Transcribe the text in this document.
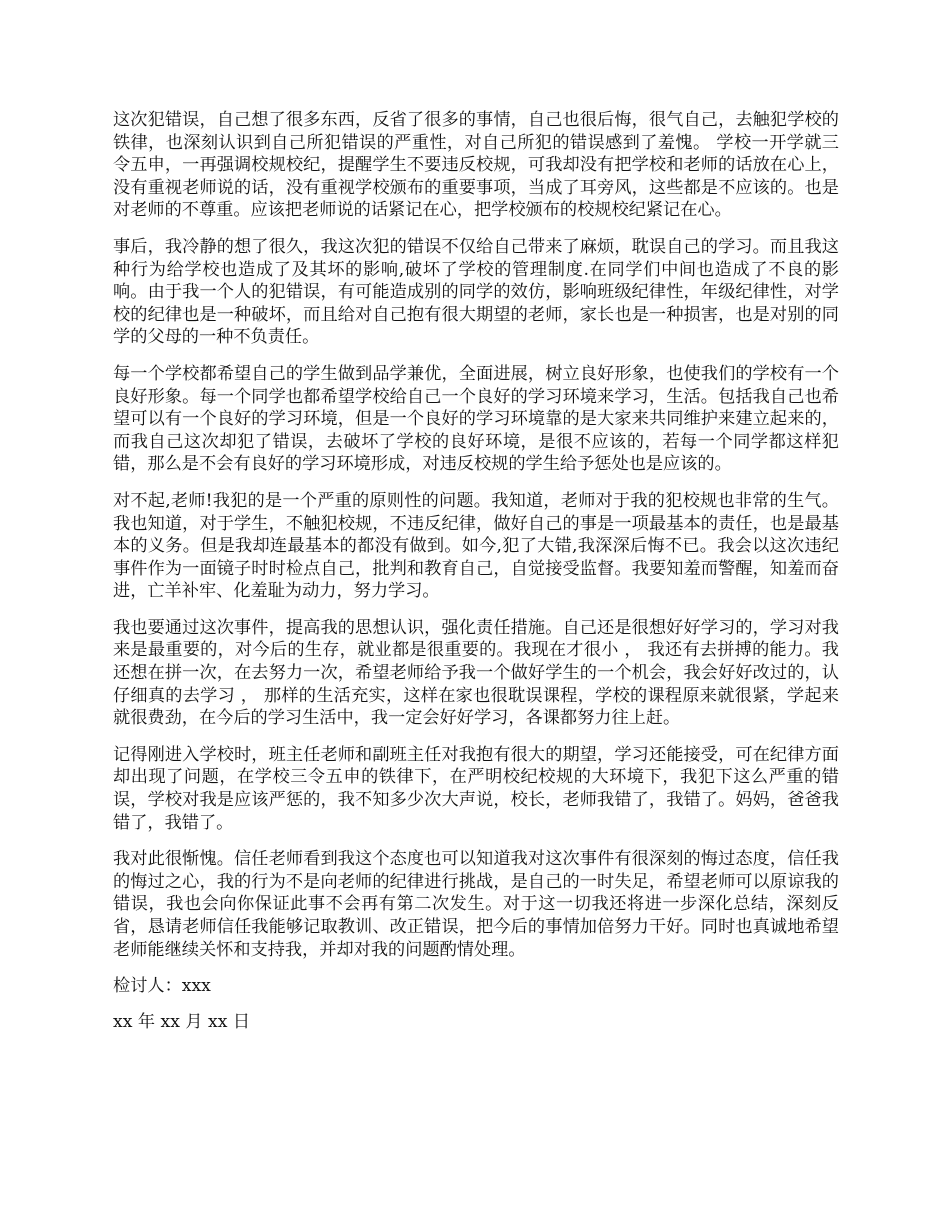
这次犯错误，自己想了很多东西，反省了很多的事情，自己也很后悔，很气自己，去触犯学校的铁律，也深刻认识到自己所犯错误的严重性，对自己所犯的错误感到了羞愧。 学校一开学就三令五申，一再强调校规校纪，提醒学生不要违反校规，可我却没有把学校和老师的话放在心上，没有重视老师说的话，没有重视学校颁布的重要事项，当成了耳旁风，这些都是不应该的。也是对老师的不尊重。应该把老师说的话紧记在心，把学校颁布的校规校纪紧记在心。

事后，我冷静的想了很久，我这次犯的错误不仅给自己带来了麻烦，耽误自己的学习。而且我这种行为给学校也造成了及其坏的影响,破坏了学校的管理制度.在同学们中间也造成了不良的影响。由于我一个人的犯错误，有可能造成别的同学的效仿，影响班级纪律性，年级纪律性，对学校的纪律也是一种破坏，而且给对自己抱有很大期望的老师，家长也是一种损害，也是对别的同学的父母的一种不负责任。

每一个学校都希望自己的学生做到品学兼优，全面进展，树立良好形象，也使我们的学校有一个良好形象。每一个同学也都希望学校给自己一个良好的学习环境来学习，生活。包括我自己也希望可以有一个良好的学习环境，但是一个良好的学习环境靠的是大家来共同维护来建立起来的，而我自己这次却犯了错误，去破坏了学校的良好环境，是很不应该的，若每一个同学都这样犯错，那么是不会有良好的学习环境形成，对违反校规的学生给予惩处也是应该的。

对不起,老师!我犯的是一个严重的原则性的问题。我知道，老师对于我的犯校规也非常的生气。我也知道，对于学生，不触犯校规，不违反纪律，做好自己的事是一项最基本的责任，也是最基本的义务。但是我却连最基本的都没有做到。如今,犯了大错,我深深后悔不已。我会以这次违纪事件作为一面镜子时时检点自己，批判和教育自己，自觉接受监督。我要知羞而警醒，知羞而奋进，亡羊补牢、化羞耻为动力，努力学习。

我也要通过这次事件，提高我的思想认识，强化责任措施。自己还是很想好好学习的，学习对我来是最重要的，对今后的生存，就业都是很重要的。我现在才很小 ， 我还有去拼搏的能力。我还想在拼一次，在去努力一次，希望老师给予我一个做好学生的一个机会，我会好好改过的，认仔细真的去学习 ， 那样的生活充实，这样在家也很耽误课程，学校的课程原来就很紧，学起来就很费劲，在今后的学习生活中，我一定会好好学习，各课都努力往上赶。

记得刚进入学校时，班主任老师和副班主任对我抱有很大的期望，学习还能接受，可在纪律方面却出现了问题，在学校三令五申的铁律下，在严明校纪校规的大环境下，我犯下这么严重的错误，学校对我是应该严惩的，我不知多少次大声说，校长，老师我错了，我错了。妈妈，爸爸我错了，我错了。

我对此很惭愧。信任老师看到我这个态度也可以知道我对这次事件有很深刻的悔过态度，信任我的悔过之心，我的行为不是向老师的纪律进行挑战，是自己的一时失足，希望老师可以原谅我的错误，我也会向你保证此事不会再有第二次发生。对于这一切我还将进一步深化总结，深刻反省，恳请老师信任我能够记取教训、改正错误，把今后的事情加倍努力干好。同时也真诚地希望老师能继续关怀和支持我，并却对我的问题酌情处理。

检讨人：xxx

xx 年 xx 月 xx 日
